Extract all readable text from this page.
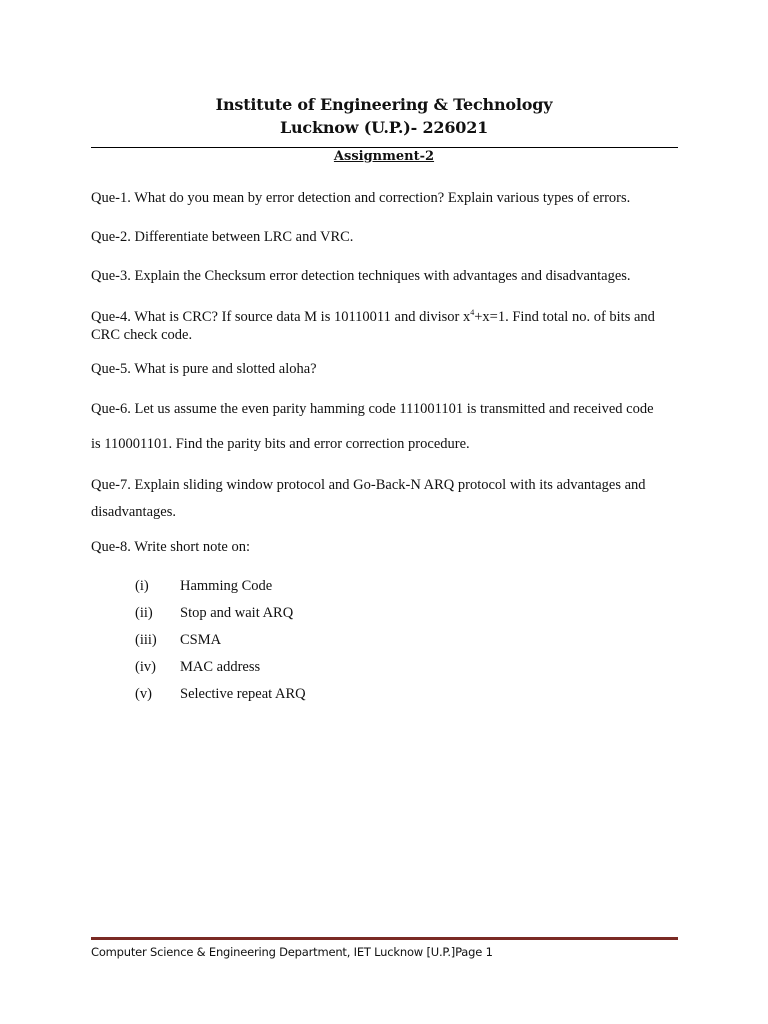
Institute of Engineering & Technology
Lucknow (U.P.)- 226021
Assignment-2
Que-1. What do you mean by error detection and correction? Explain various types of errors.
Que-2. Differentiate between LRC and VRC.
Que-3. Explain the Checksum error detection techniques with advantages and disadvantages.
Que-4. What is CRC? If source data M is 10110011 and divisor $x^4+x=1$. Find total no. of bits and CRC check code.
Que-5. What is pure and slotted aloha?
Que-6. Let us assume the even parity hamming code 111001101 is transmitted and received code
is 110001101. Find the parity bits and error correction procedure.
Que-7. Explain sliding window protocol and Go-Back-N ARQ protocol with its advantages and
disadvantages.
Que-8. Write short note on:
(i)	Hamming Code
(ii)	Stop and wait ARQ
(iii)	CSMA
(iv)	MAC address
(v)	Selective repeat ARQ
Computer Science & Engineering Department, IET Lucknow [U.P.]Page 1
